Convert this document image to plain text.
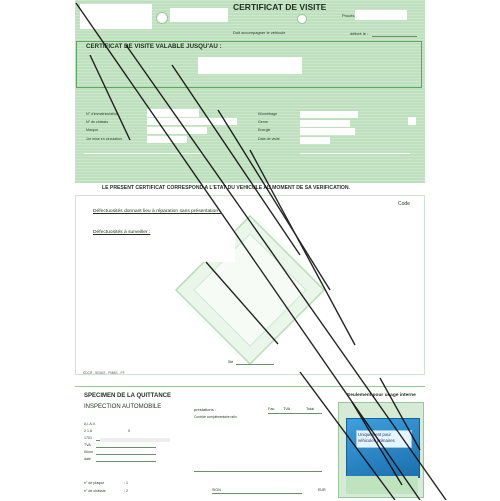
CERTIFICAT DE VISITE
Doit accompagner le véhicule
Procès
délivré le :
CERTIFICAT DE VISITE VALABLE JUSQU'AU :
N° d'immatriculation
N° de châssis
Marque
1re mise en circulation
Kilométrage
Genre
Energie
Date de visite
LE PRESENT CERTIFICAT CORRESPOND A L'ETAT DU VEHICULE AU MOMENT DE SA VERIFICATION.
Code
Défectuosités donnant lieu à réparation sans présentation :
Défectuosités à surveiller :
Sté
SDCR - 5034/2 - PMBS - FF
SPECIMEN DE LA QUITTANCE
INSPECTION AUTOMOBILE	prestations :
Contrôle complémentaire railn.
Fac. TVA	Total
A.I.A.V.
2 1 A
1701
TVA
Kilom
date
0
n° de plaque	: 1
n° de châssis	: 2	SIGN	EUR
Seulement pour usage interne
Uniquement pour véhicules primaires
